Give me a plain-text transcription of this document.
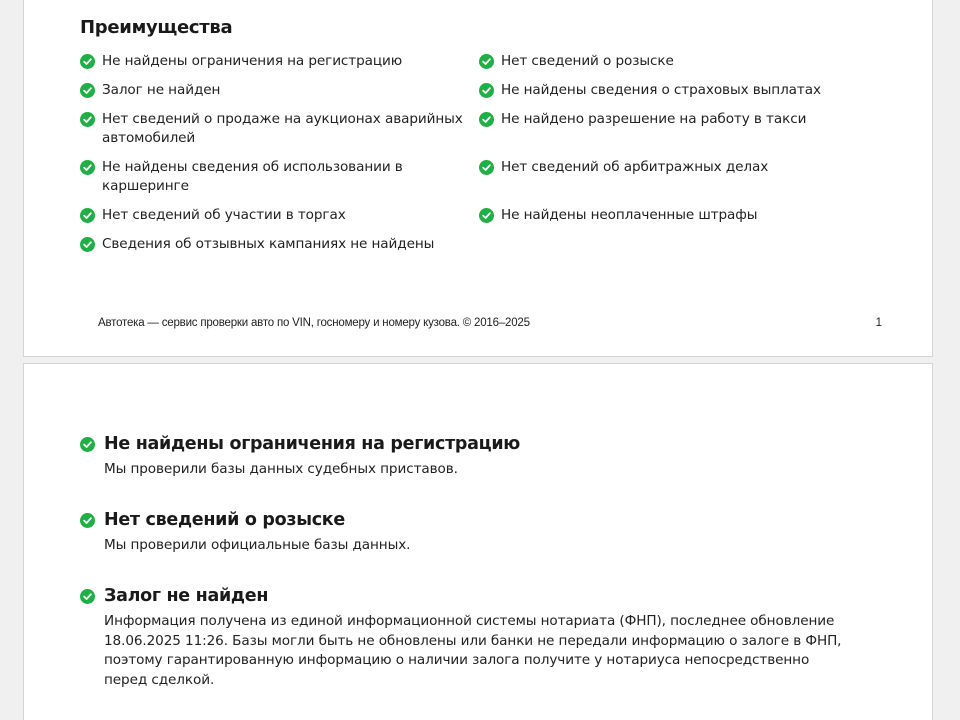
Преимущества
Не найдены ограничения на регистрацию
Залог не найден
Нет сведений о продаже на аукционах аварийных автомобилей
Не найдены сведения об использовании в каршеринге
Нет сведений об участии в торгах
Сведения об отзывных кампаниях не найдены
Нет сведений о розыске
Не найдены сведения о страховых выплатах
Не найдено разрешение на работу в такси
Нет сведений об арбитражных делах
Не найдены неоплаченные штрафы
Автотека — сервис проверки авто по VIN, госномеру и номеру кузова. © 2016–2025	1
Не найдены ограничения на регистрацию
Мы проверили базы данных судебных приставов.
Нет сведений о розыске
Мы проверили официальные базы данных.
Залог не найден
Информация получена из единой информационной системы нотариата (ФНП), последнее обновление 18.06.2025 11:26. Базы могли быть не обновлены или банки не передали информацию о залоге в ФНП, поэтому гарантированную информацию о наличии залога получите у нотариуса непосредственно перед сделкой.
